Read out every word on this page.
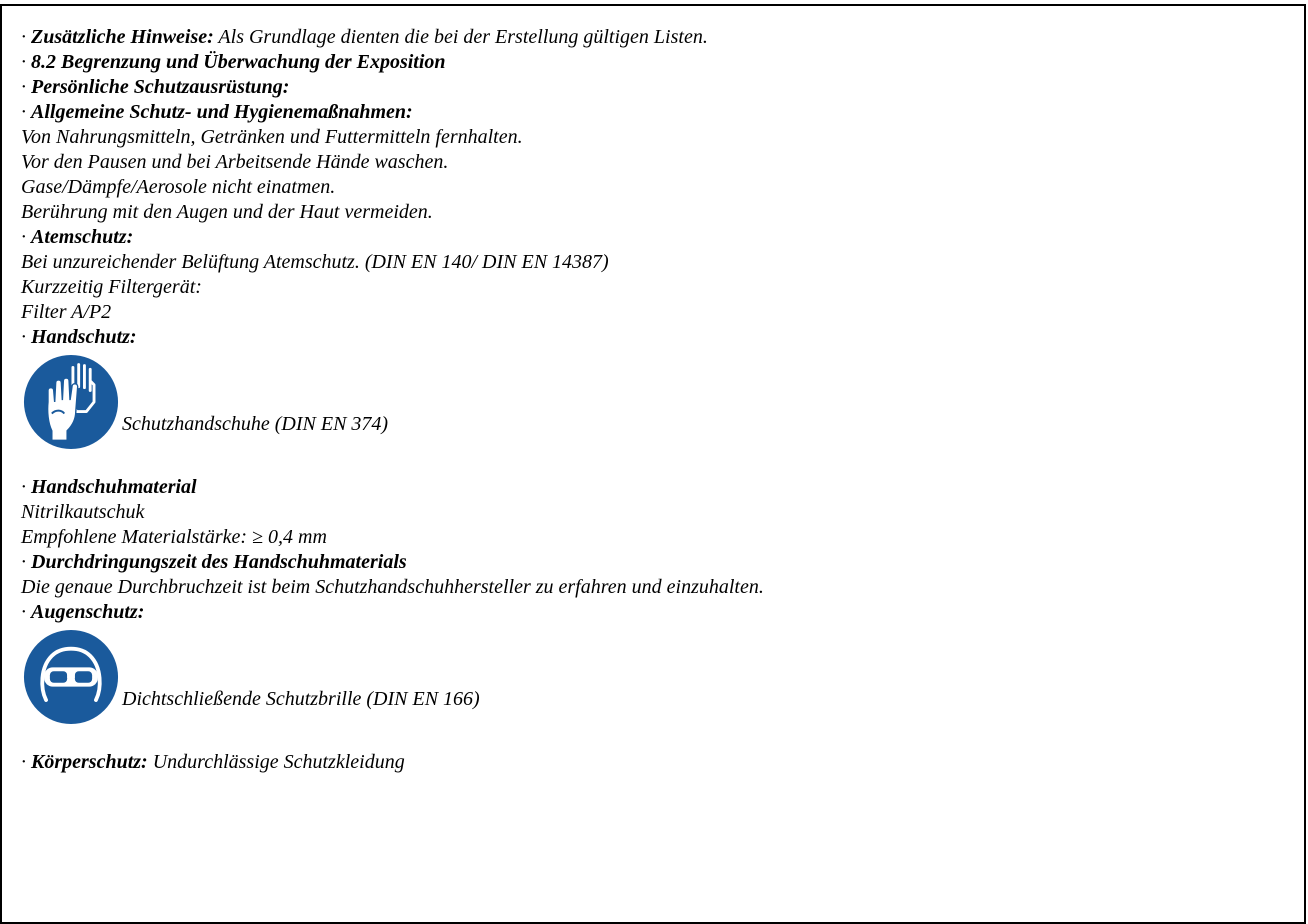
· Zusätzliche Hinweise: Als Grundlage dienten die bei der Erstellung gültigen Listen.
· 8.2 Begrenzung und Überwachung der Exposition
· Persönliche Schutzausrüstung:
· Allgemeine Schutz- und Hygienemaßnahmen:
Von Nahrungsmitteln, Getränken und Futtermitteln fernhalten.
Vor den Pausen und bei Arbeitsende Hände waschen.
Gase/Dämpfe/Aerosole nicht einatmen.
Berührung mit den Augen und der Haut vermeiden.
· Atemschutz:
Bei unzureichender Belüftung Atemschutz. (DIN EN 140/ DIN EN 14387)
Kurzzeitig Filtergerät:
Filter A/P2
· Handschutz:
Schutzhandschuhe (DIN EN 374)
· Handschuhmaterial
Nitrilkautschuk
Empfohlene Materialstärke: ≥ 0,4 mm
· Durchdringungszeit des Handschuhmaterials
Die genaue Durchbruchzeit ist beim Schutzhandschuhhersteller zu erfahren und einzuhalten.
· Augenschutz:
Dichtschließende Schutzbrille (DIN EN 166)
· Körperschutz: Undurchlässige Schutzkleidung
